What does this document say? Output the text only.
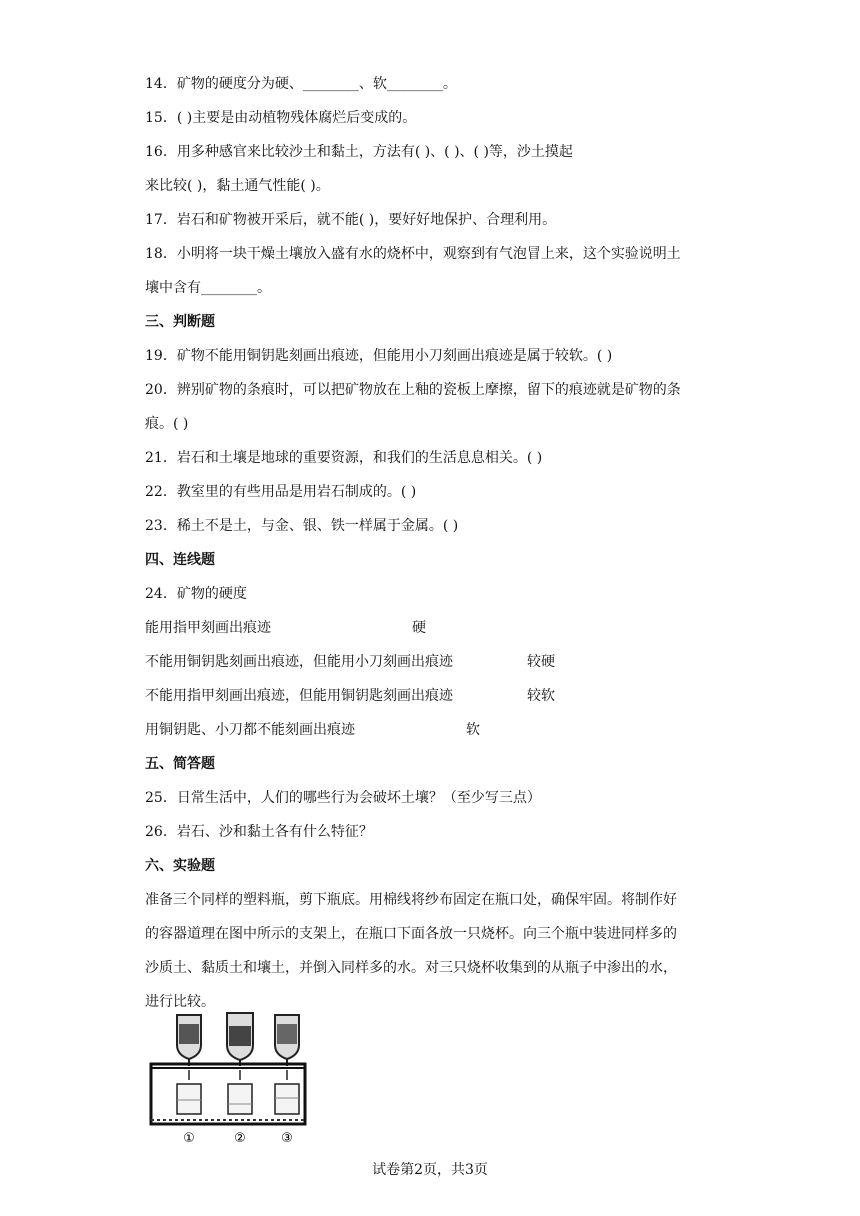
14．矿物的硬度分为硬、________、软________。
15．( )主要是由动植物残体腐烂后变成的。
16．用多种感官来比较沙土和黏土，方法有( )、( )、( )等，沙土摸起
来比较( )，黏土通气性能( )。
17．岩石和矿物被开采后，就不能( )，要好好地保护、合理利用。
18．小明将一块干燥土壤放入盛有水的烧杯中，观察到有气泡冒上来，这个实验说明土
壤中含有________。
三、判断题
19．矿物不能用铜钥匙刻画出痕迹，但能用小刀刻画出痕迹是属于较软。( )
20．辨别矿物的条痕时，可以把矿物放在上釉的瓷板上摩擦，留下的痕迹就是矿物的条
痕。( )
21．岩石和土壤是地球的重要资源，和我们的生活息息相关。( )
22．教室里的有些用品是用岩石制成的。( )
23．稀土不是土，与金、银、铁一样属于金属。( )
四、连线题
24．矿物的硬度
能用指甲刻画出痕迹	硬
不能用铜钥匙刻画出痕迹，但能用小刀刻画出痕迹	较硬
不能用指甲刻画出痕迹，但能用铜钥匙刻画出痕迹	较软
用铜钥匙、小刀都不能刻画出痕迹	软
五、简答题
25．日常生活中，人们的哪些行为会破坏土壤？（至少写三点）
26．岩石、沙和黏土各有什么特征？
六、实验题
准备三个同样的塑料瓶，剪下瓶底。用棉线将纱布固定在瓶口处，确保牢固。将制作好
的容器道理在图中所示的支架上，在瓶口下面各放一只烧杯。向三个瓶中装进同样多的
沙质土、黏质土和壤土，并倒入同样多的水。对三只烧杯收集到的从瓶子中渗出的水，
进行比较。
①	②	③
试卷第2页，共3页
